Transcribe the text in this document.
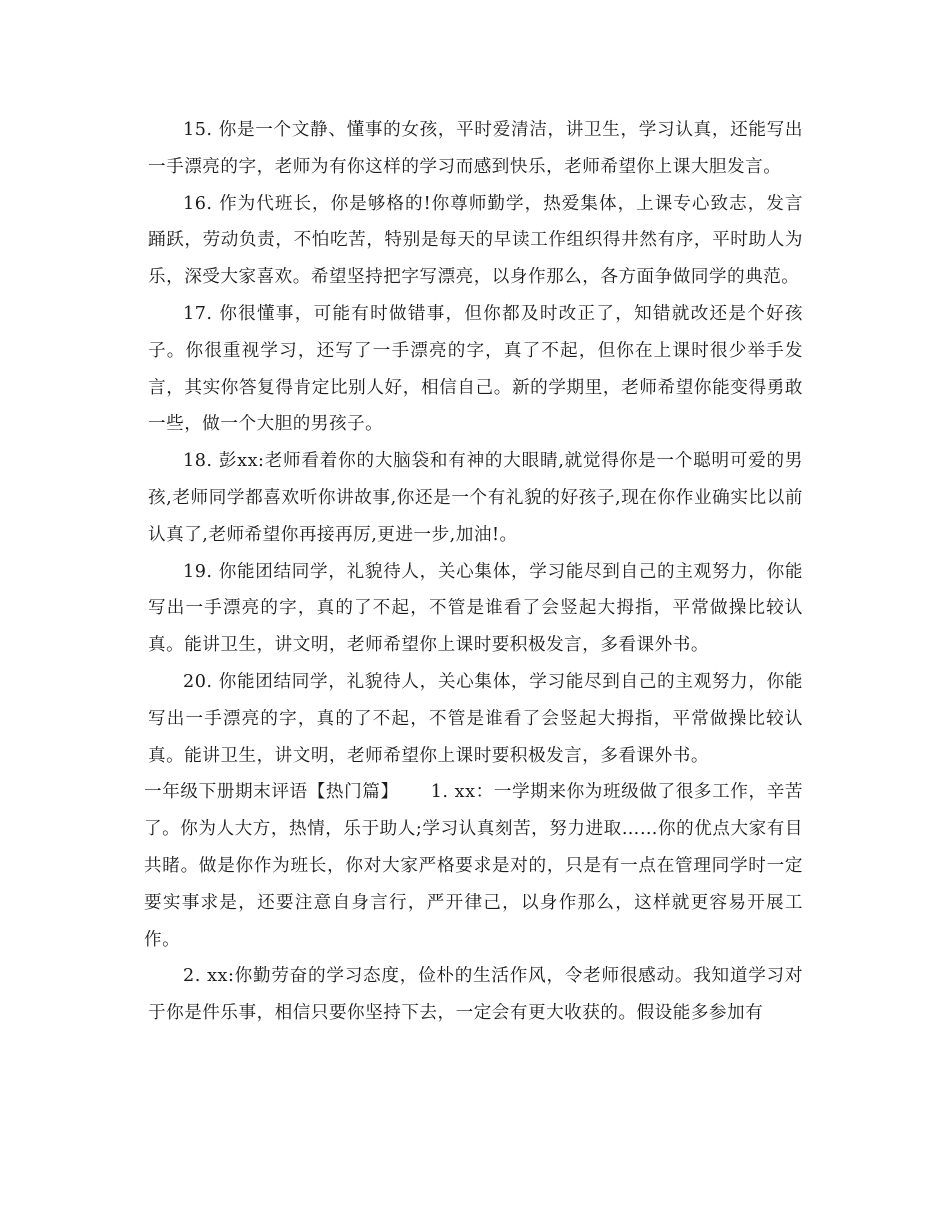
15. 你是一个文静、懂事的女孩，平时爱清洁，讲卫生，学习认真，还能写出一手漂亮的字，老师为有你这样的学习而感到快乐，老师希望你上课大胆发言。

16. 作为代班长，你是够格的!你尊师勤学，热爱集体，上课专心致志，发言踊跃，劳动负责，不怕吃苦，特别是每天的早读工作组织得井然有序，平时助人为乐，深受大家喜欢。希望坚持把字写漂亮，以身作那么，各方面争做同学的典范。

17. 你很懂事，可能有时做错事，但你都及时改正了，知错就改还是个好孩子。你很重视学习，还写了一手漂亮的字，真了不起，但你在上课时很少举手发言，其实你答复得肯定比别人好，相信自己。新的学期里，老师希望你能变得勇敢一些，做一个大胆的男孩子。

18. 彭xx:老师看着你的大脑袋和有神的大眼睛,就觉得你是一个聪明可爱的男孩,老师同学都喜欢听你讲故事,你还是一个有礼貌的好孩子,现在你作业确实比以前认真了,老师希望你再接再厉,更进一步,加油!。

19. 你能团结同学，礼貌待人，关心集体，学习能尽到自己的主观努力，你能写出一手漂亮的字，真的了不起，不管是谁看了会竖起大拇指，平常做操比较认真。能讲卫生，讲文明，老师希望你上课时要积极发言，多看课外书。

20. 你能团结同学，礼貌待人，关心集体，学习能尽到自己的主观努力，你能写出一手漂亮的字，真的了不起，不管是谁看了会竖起大拇指，平常做操比较认真。能讲卫生，讲文明，老师希望你上课时要积极发言，多看课外书。

一年级下册期末评语【热门篇】 1. xx：一学期来你为班级做了很多工作，辛苦了。你为人大方，热情，乐于助人;学习认真刻苦，努力进取……你的优点大家有目共睹。做是你作为班长，你对大家严格要求是对的，只是有一点在管理同学时一定要实事求是，还要注意自身言行，严开律己，以身作那么，这样就更容易开展工作。

2. xx:你勤劳奋的学习态度，俭朴的生活作风，令老师很感动。我知道学习对于你是件乐事，相信只要你坚持下去，一定会有更大收获的。假设能多参加有
